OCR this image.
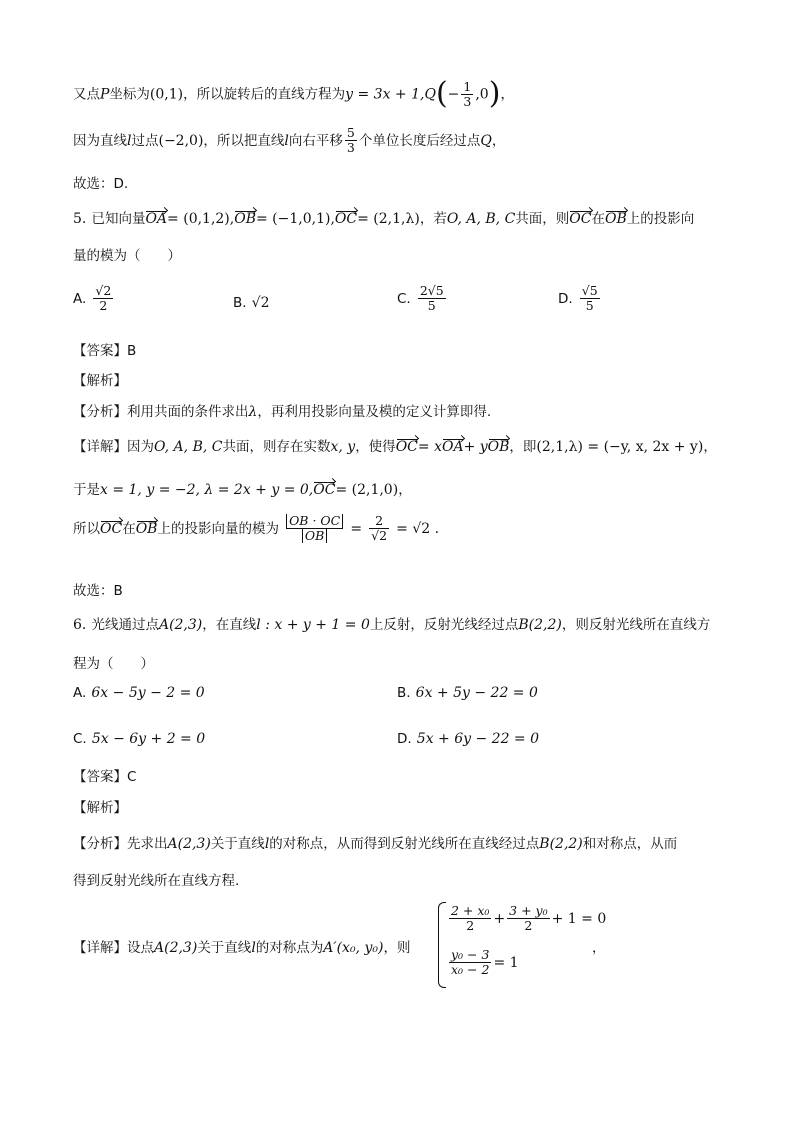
又点P坐标为(0,1)，所以旋转后的直线方程为$y = 3x + 1,Q(- \frac{1}{3} ,0)$，
因为直线l过点(−2,0)，所以把直线l向右平移 $\frac{5}{3}$ 个单位长度后经过点Q，
故选：D.
5. 已知向量OA= (0,1,2),OB= (−1,0,1),OC= (2,1,λ)，若O, A, B, C共面，则OC在OB上的投影向
量的模为（　　）
A. $\frac{√2}{2}$	B. √2	C. $\frac{2√5}{5}$	D. $\frac{√5}{5}$
【答案】B
【解析】
【分析】利用共面的条件求出λ，再利用投影向量及模的定义计算即得.
【详解】因为O, A, B, C共面，则存在实数x, y，使得OC= xOA+ yOB，即(2,1,λ) = (−y, x, 2x + y)，
于是x = 1, y = −2, λ = 2x + y = 0,OC= (2,1,0)，
所以OC在OB上的投影向量的模为 $\frac{OB \cdot OC}{OB} = \frac{2}{√2} = √2$ .
故选：B
6. 光线通过点A(2,3)，在直线l : x + y + 1 = 0上反射，反射光线经过点B(2,2)，则反射光线所在直线方
程为（　　）
A. 6x − 5y − 2 = 0	B. 6x + 5y − 22 = 0
C. 5x − 6y + 2 = 0	D. 5x + 6y − 22 = 0
【答案】C
【解析】
【分析】先求出A(2,3)关于直线l的对称点，从而得到反射光线所在直线经过点B(2,2)和对称点，从而
得到反射光线所在直线方程.
【详解】设点A(2,3)关于直线l的对称点为A′(x₀, y₀)，则
$\frac{\text{2 + x₀}}{2} + \frac{\text{3 + y₀}}{2} + 1 = 0$
$\frac{\text{y₀ − 3}}{\text{x₀ − 2}} = 1$
，
